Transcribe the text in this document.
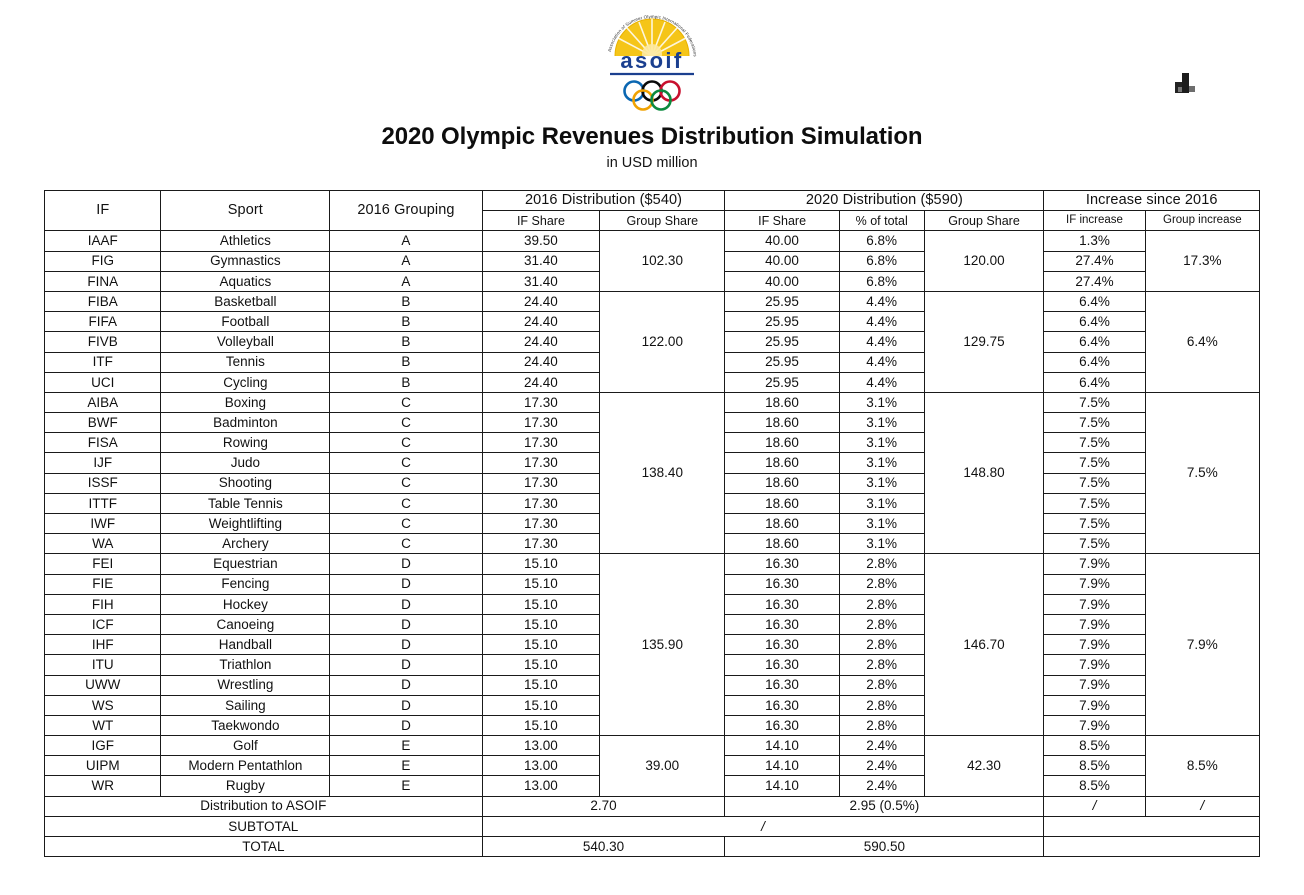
Association of Summer Olympic International Federations
asoif
2020 Olympic Revenues Distribution Simulation
in USD million
IF	Sport	2016 Grouping	2016 Distribution ($540)		2020 Distribution ($590)			Increase since 2016	
			IF Share	Group Share	IF Share	% of total	Group Share	IF increase	Group increase
IAAF	Athletics	A	39.50	102.30	40.00	6.8%	120.00	1.3%	17.3%
FIG	Gymnastics	A	31.40		40.00	6.8%		27.4%	
FINA	Aquatics	A	31.40		40.00	6.8%		27.4%	
FIBA	Basketball	B	24.40	122.00	25.95	4.4%	129.75	6.4%	6.4%
FIFA	Football	B	24.40		25.95	4.4%		6.4%	
FIVB	Volleyball	B	24.40		25.95	4.4%		6.4%	
ITF	Tennis	B	24.40		25.95	4.4%		6.4%	
UCI	Cycling	B	24.40		25.95	4.4%		6.4%	
AIBA	Boxing	C	17.30	138.40	18.60	3.1%	148.80	7.5%	7.5%
BWF	Badminton	C	17.30		18.60	3.1%		7.5%	
FISA	Rowing	C	17.30		18.60	3.1%		7.5%	
IJF	Judo	C	17.30		18.60	3.1%		7.5%	
ISSF	Shooting	C	17.30		18.60	3.1%		7.5%	
ITTF	Table Tennis	C	17.30		18.60	3.1%		7.5%	
IWF	Weightlifting	C	17.30		18.60	3.1%		7.5%	
WA	Archery	C	17.30		18.60	3.1%		7.5%	
FEI	Equestrian	D	15.10	135.90	16.30	2.8%	146.70	7.9%	7.9%
FIE	Fencing	D	15.10		16.30	2.8%		7.9%	
FIH	Hockey	D	15.10		16.30	2.8%		7.9%	
ICF	Canoeing	D	15.10		16.30	2.8%		7.9%	
IHF	Handball	D	15.10		16.30	2.8%		7.9%	
ITU	Triathlon	D	15.10		16.30	2.8%		7.9%	
UWW	Wrestling	D	15.10		16.30	2.8%		7.9%	
WS	Sailing	D	15.10		16.30	2.8%		7.9%	
WT	Taekwondo	D	15.10		16.30	2.8%		7.9%	
IGF	Golf	E	13.00	39.00	14.10	2.4%	42.30	8.5%	8.5%
UIPM	Modern Pentathlon	E	13.00		14.10	2.4%		8.5%	
WR	Rugby	E	13.00		14.10	2.4%		8.5%	
Distribution to ASOIF			2.70		2.95 (0.5%)			/	/
SUBTOTAL			/						
TOTAL			540.30		590.50				
